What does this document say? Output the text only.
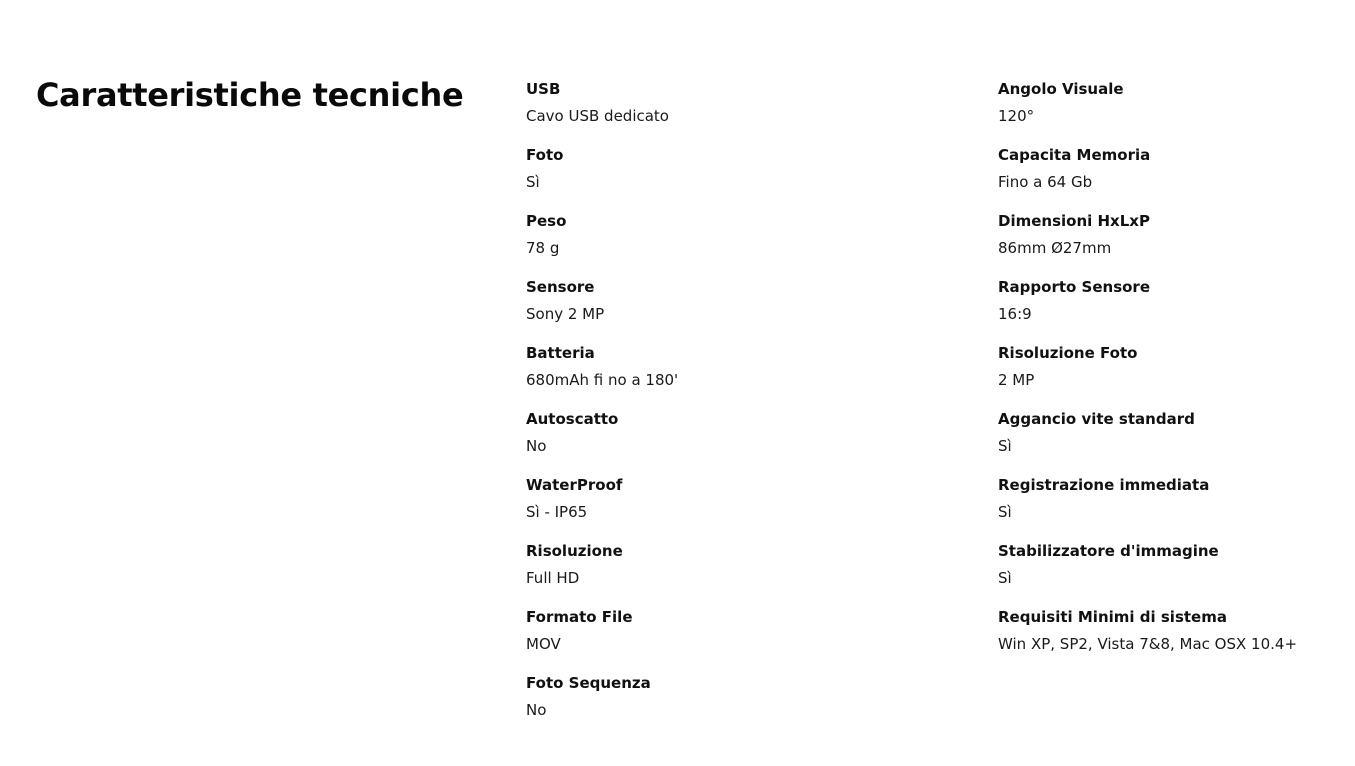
Caratteristiche tecniche	USB
Cavo USB dedicato
Foto
Sì
Peso
78 g
Sensore
Sony 2 MP
Batteria
680mAh fi no a 180'
Autoscatto
No
WaterProof
Sì - IP65
Risoluzione
Full HD
Formato File
MOV
Foto Sequenza
No
Angolo Visuale
120°
Capacita Memoria
Fino a 64 Gb
Dimensioni HxLxP
86mm Ø27mm
Rapporto Sensore
16:9
Risoluzione Foto
2 MP
Aggancio vite standard
Sì
Registrazione immediata
Sì
Stabilizzatore d'immagine
Sì
Requisiti Minimi di sistema
Win XP, SP2, Vista 7&8, Mac OSX 10.4+
